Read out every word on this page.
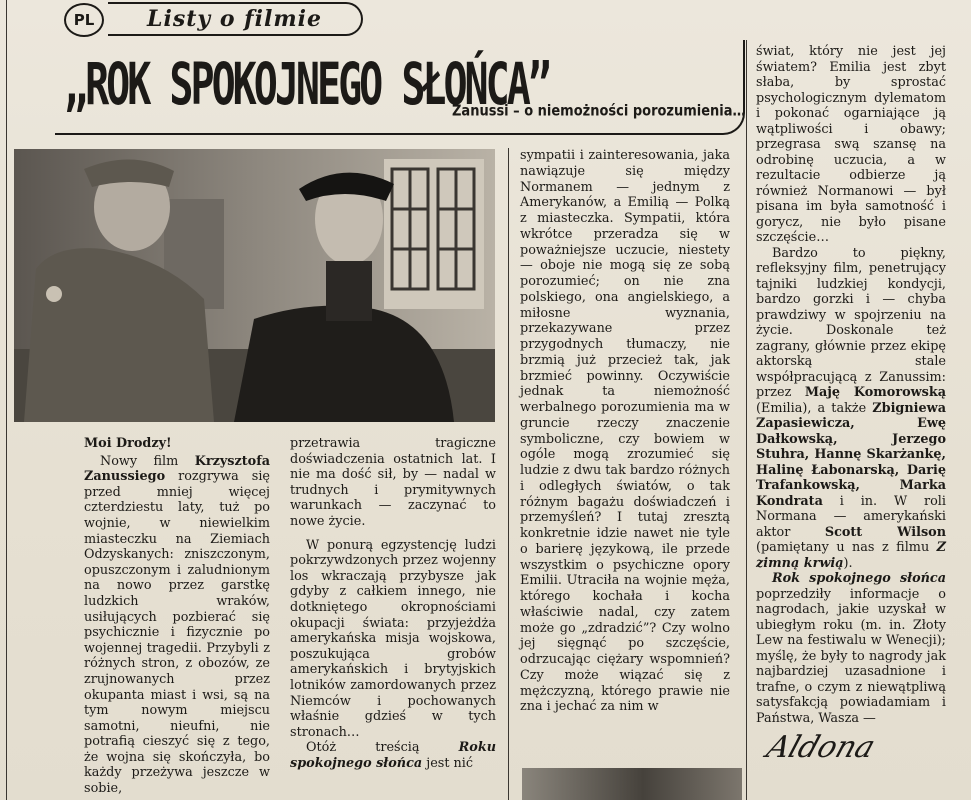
PL	Listy o filmie
„ROK SPOKOJNEGO SŁOŃCA”
Zanussi – o niemożności porozumienia…

Moi Drodzy!

Nowy film Krzysztofa Zanussiego rozgrywa się przed mniej więcej czterdziestu laty, tuż po wojnie, w niewielkim miasteczku na Ziemiach Odzyskanych: zniszczonym, opuszczonym i zaludnionym na nowo przez garstkę ludzkich wraków, usiłujących pozbierać się psychicznie i fizycznie po wojennej tragedii. Przybyli z różnych stron, z obozów, ze zrujnowanych przez okupanta miast i wsi, są na tym nowym miejscu samotni, nieufni, nie potrafią cieszyć się z tego, że wojna się skończyła, bo każdy przeżywa jeszcze w sobie,

przetrawia tragiczne doświadczenia ostatnich lat. I nie ma dość sił, by — nadal w trudnych i prymitywnych warunkach — zaczynać to nowe życie.

W ponurą egzystencję ludzi pokrzywdzonych przez wojenny los wkraczają przybysze jak gdyby z całkiem innego, nie dotkniętego okropnościami okupacji świata: przyjeżdża amerykańska misja wojskowa, poszukująca grobów amerykańskich i brytyjskich lotników zamordowanych przez Niemców i pochowanych właśnie gdzieś w tych stronach…

Otóż treścią Roku spokojnego słońca jest nić

sympatii i zainteresowania, jaka nawiązuje się między Normanem — jednym z Amerykanów, a Emilią — Polką z miasteczka. Sympatii, która wkrótce przeradza się w poważniejsze uczucie, niestety — oboje nie mogą się ze sobą porozumieć; on nie zna polskiego, ona angielskiego, a miłosne wyznania, przekazywane przez przygodnych tłumaczy, nie brzmią już przecież tak, jak brzmieć powinny. Oczywiście jednak ta niemożność werbalnego porozumienia ma w gruncie rzeczy znaczenie symboliczne, czy bowiem w ogóle mogą zrozumieć się ludzie z dwu tak bardzo różnych i odległych światów, o tak różnym bagażu doświadczeń i przemyśleń? I tutaj zresztą konkretnie idzie nawet nie tyle o barierę językową, ile przede wszystkim o psychiczne opory Emilii. Utraciła na wojnie męża, którego kochała i kocha właściwie nadal, czy zatem może go „zdradzić”? Czy wolno jej sięgnąć po szczęście, odrzucając ciężary wspomnień? Czy może wiązać się z mężczyzną, którego prawie nie zna i jechać za nim w

świat, który nie jest jej światem? Emilia jest zbyt słaba, by sprostać psychologicznym dylematom i pokonać ogarniające ją wątpliwości i obawy; przegrasa swą szansę na odrobinę uczucia, a w rezultacie odbierze ją również Normanowi — był pisana im była samotność i gorycz, nie było pisane szczęście…

Bardzo to piękny, refleksyjny film, penetrujący tajniki ludzkiej kondycji, bardzo gorzki i — chyba prawdziwy w spojrzeniu na życie. Doskonale też zagrany, głównie przez ekipę aktorską stale współpracującą z Zanussim: przez Maję Komorowską (Emilia), a także Zbigniewa Zapasiewicza, Ewę Dałkowską, Jerzego Stuhra, Hannę Skarżankę, Halinę Łabonarską, Darię Trafankowską, Marka Kondrata i in. W roli Normana — amerykański aktor Scott Wilson (pamiętany u nas z filmu Z zimną krwią).

Rok spokojnego słońca poprzedziły informacje o nagrodach, jakie uzyskał w ubiegłym roku (m. in. Złoty Lew na festiwalu w Wenecji); myślę, że były to nagrody jak najbardziej uzasadnione i trafne, o czym z niewątpliwą satysfakcją powiadamiam i Państwa, Wasza —

Aldona
